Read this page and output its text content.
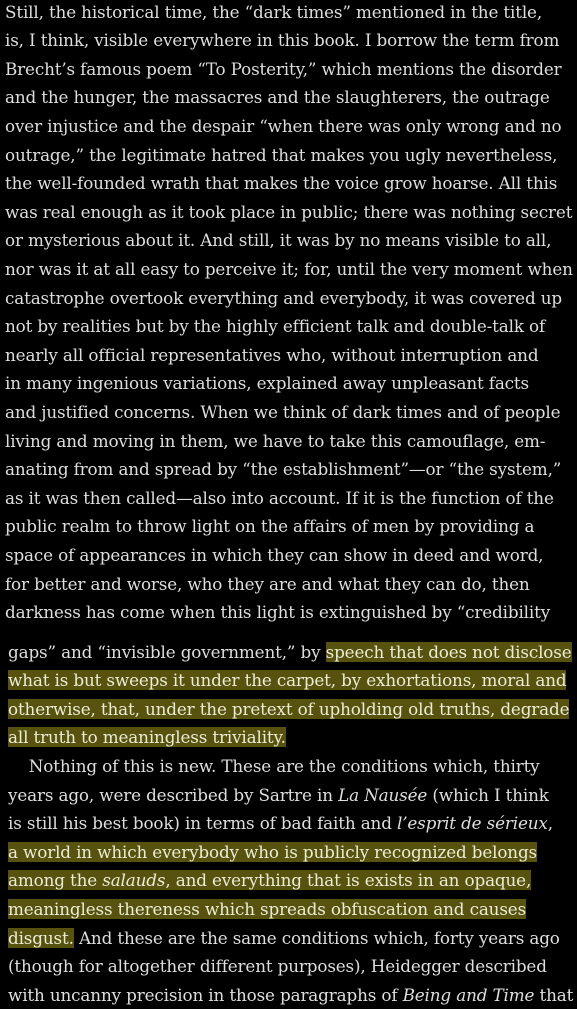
Still, the historical time, the “dark times” mentioned in the title,
is, I think, visible everywhere in this book. I borrow the term from
Brecht’s famous poem “To Posterity,” which mentions the disorder
and the hunger, the massacres and the slaughterers, the outrage
over injustice and the despair “when there was only wrong and no
outrage,” the legitimate hatred that makes you ugly nevertheless,
the well-founded wrath that makes the voice grow hoarse. All this
was real enough as it took place in public; there was nothing secret
or mysterious about it. And still, it was by no means visible to all,
nor was it at all easy to perceive it; for, until the very moment when
catastrophe overtook everything and everybody, it was covered up
not by realities but by the highly efficient talk and double-talk of
nearly all official representatives who, without interruption and
in many ingenious variations, explained away unpleasant facts
and justified concerns. When we think of dark times and of people
living and moving in them, we have to take this camouflage, em-
anating from and spread by “the establishment”—or “the system,”
as it was then called—also into account. If it is the function of the
public realm to throw light on the affairs of men by providing a
space of appearances in which they can show in deed and word,
for better and worse, who they are and what they can do, then
darkness has come when this light is extinguished by “credibility
gaps” and “invisible government,” by speech that does not disclose
what is but sweeps it under the carpet, by exhortations, moral and
otherwise, that, under the pretext of upholding old truths, degrade
all truth to meaningless triviality.
Nothing of this is new. These are the conditions which, thirty
years ago, were described by Sartre in La Nausée (which I think
is still his best book) in terms of bad faith and l’esprit de sérieux,
a world in which everybody who is publicly recognized belongs
among the salauds, and everything that is exists in an opaque,
meaningless thereness which spreads obfuscation and causes
disgust. And these are the same conditions which, forty years ago
(though for altogether different purposes), Heidegger described
with uncanny precision in those paragraphs of Being and Time that
